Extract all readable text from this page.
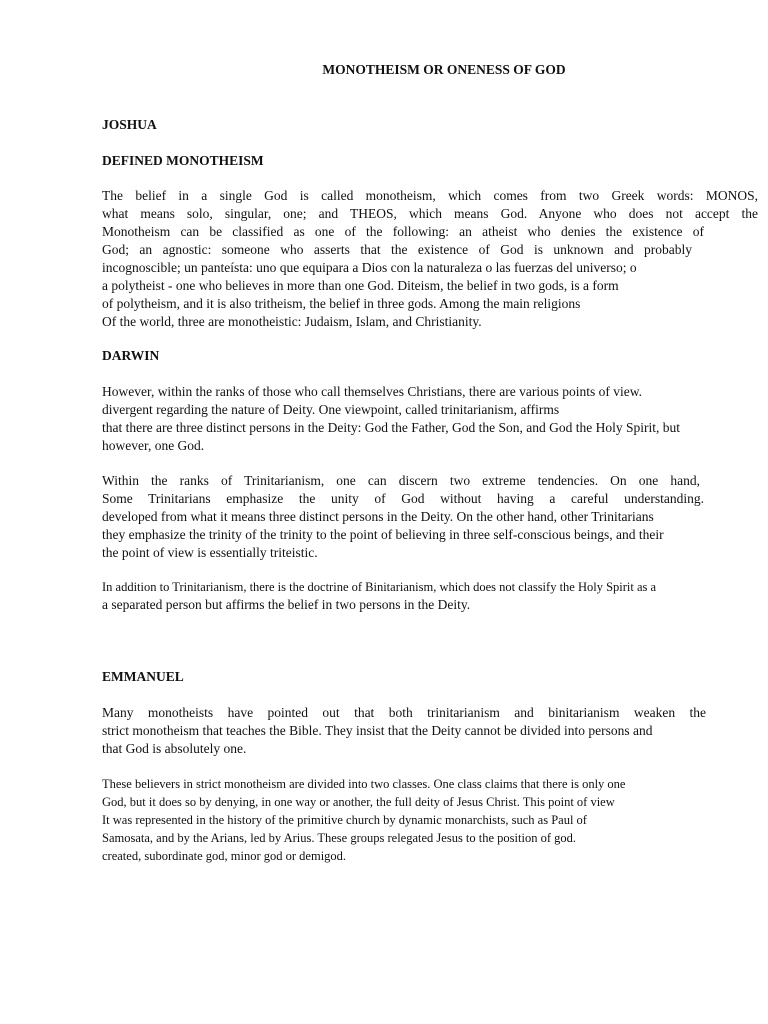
MONOTHEISM OR ONENESS OF GOD
JOSHUA
DEFINED MONOTHEISM
The belief in a single God is called monotheism, which comes from two Greek words: MONOS,
what means solo, singular, one; and THEOS, which means God. Anyone who does not accept the
Monotheism can be classified as one of the following: an atheist who denies the existence of
God; an agnostic: someone who asserts that the existence of God is unknown and probably
incognoscible; un panteísta: uno que equipara a Dios con la naturaleza o las fuerzas del universo; o
a polytheist - one who believes in more than one God. Diteism, the belief in two gods, is a form
of polytheism, and it is also tritheism, the belief in three gods. Among the main religions
Of the world, three are monotheistic: Judaism, Islam, and Christianity.
DARWIN
However, within the ranks of those who call themselves Christians, there are various points of view.
divergent regarding the nature of Deity. One viewpoint, called trinitarianism, affirms
that there are three distinct persons in the Deity: God the Father, God the Son, and God the Holy Spirit, but
however, one God.
Within the ranks of Trinitarianism, one can discern two extreme tendencies. On one hand,
Some Trinitarians emphasize the unity of God without having a careful understanding.
developed from what it means three distinct persons in the Deity. On the other hand, other Trinitarians
they emphasize the trinity of the trinity to the point of believing in three self-conscious beings, and their
the point of view is essentially triteistic.
In addition to Trinitarianism, there is the doctrine of Binitarianism, which does not classify the Holy Spirit as a
a separated person but affirms the belief in two persons in the Deity.
EMMANUEL
Many monotheists have pointed out that both trinitarianism and binitarianism weaken the
strict monotheism that teaches the Bible. They insist that the Deity cannot be divided into persons and
that God is absolutely one.
These believers in strict monotheism are divided into two classes. One class claims that there is only one
God, but it does so by denying, in one way or another, the full deity of Jesus Christ. This point of view
It was represented in the history of the primitive church by dynamic monarchists, such as Paul of
Samosata, and by the Arians, led by Arius. These groups relegated Jesus to the position of god.
created, subordinate god, minor god or demigod.
